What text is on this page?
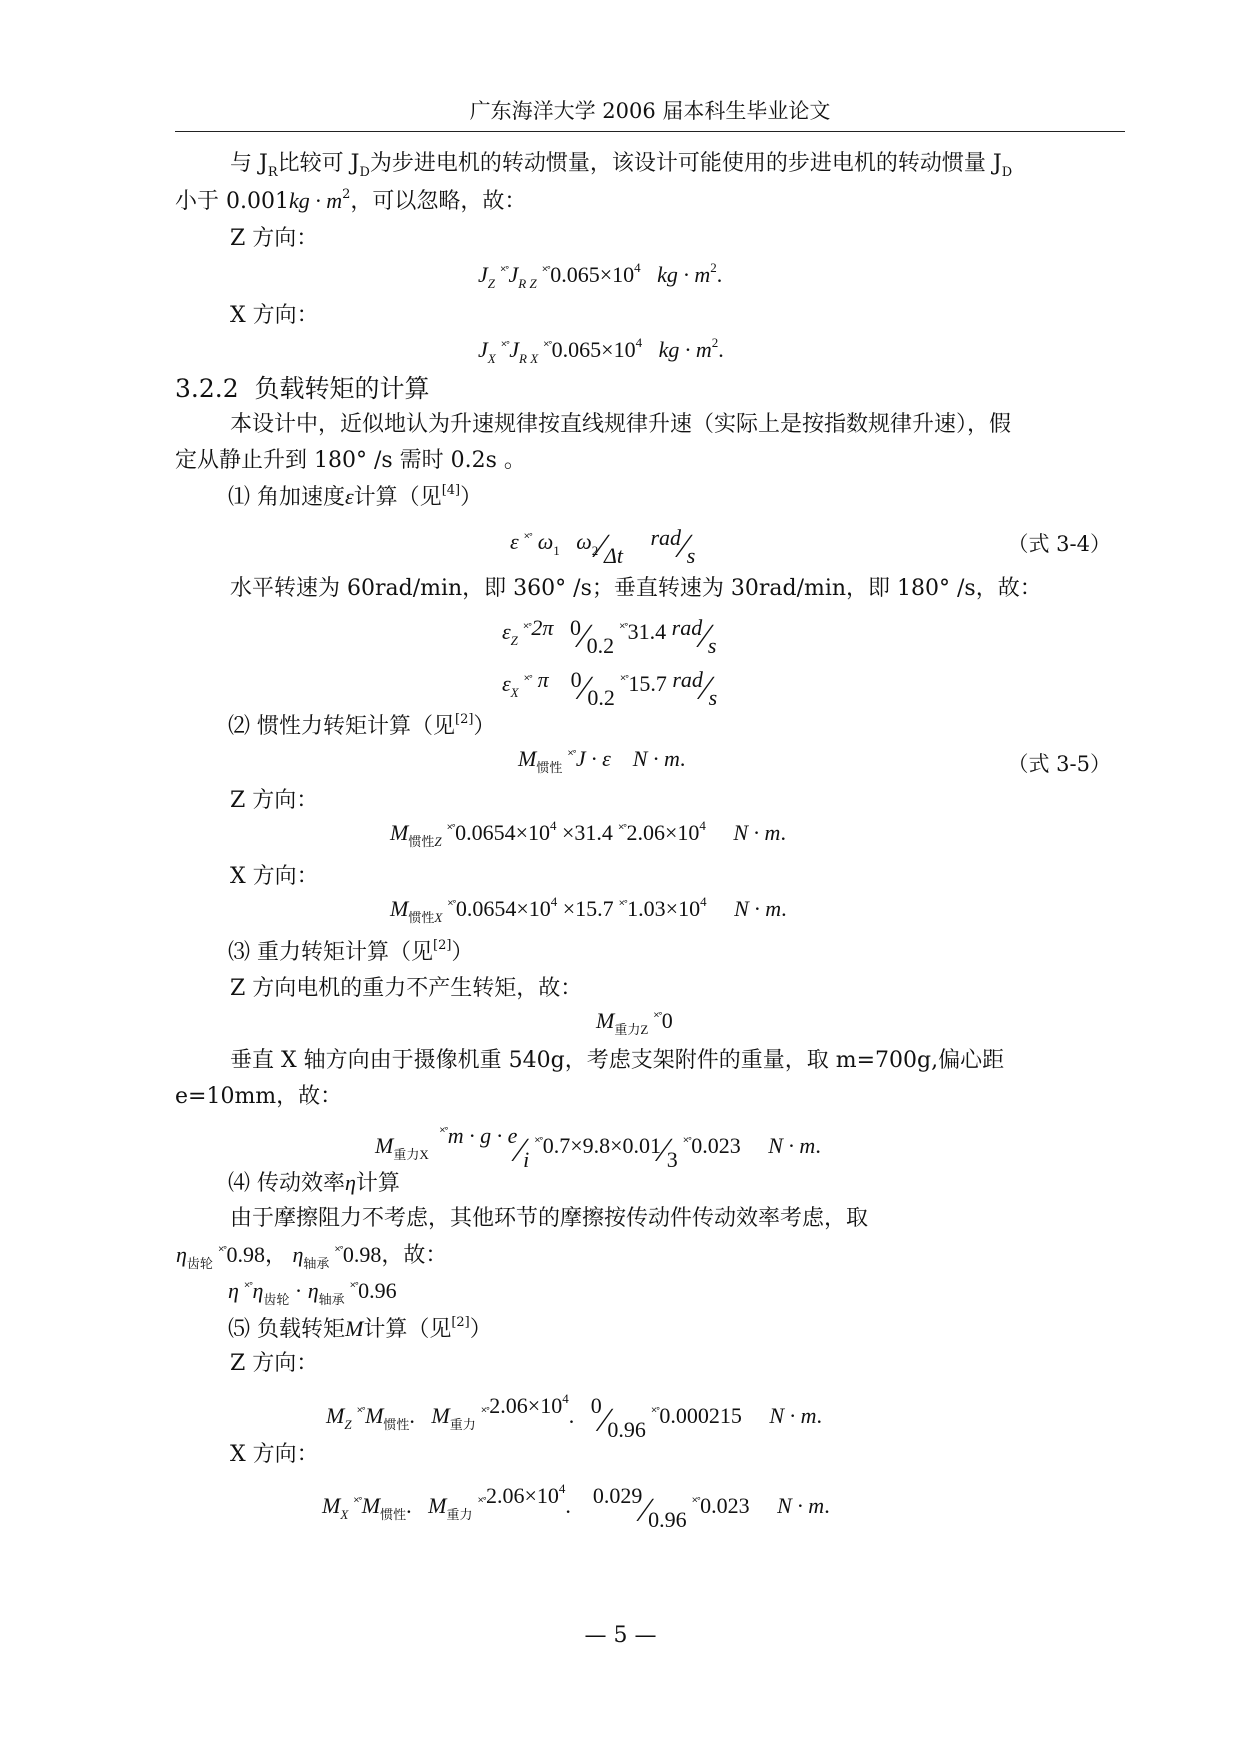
广东海洋大学 2006 届本科生毕业论文
与 $J_R$比较可 $J_D$为步进电机的转动惯量，该设计可能使用的步进电机的转动惯量 $J_D$
小于 $0.001kg \cdot m^2$，可以忽略，故：
Z 方向：
$J_Z$ $^{˟˚}J_{R Z}$ $^{˟˚}0.065\times 10^4$ kg · $m^2$.
X 方向：
$J_X$ $^{˟˚}J_{R X}$ $^{˟˚}0.065\times 10^4$ kg · $m^2$.
3.2.2 负载转矩的计算
本设计中，近似地认为升速规律按直线规律升速（实际上是按指数规律升速），假
定从静止升到 180° /s 需时 0.2s 。
⑴ 角加速度ε计算（见[4]）
ε ˟˚ $\omega_1$ $\omega_2∕\Delta t$     rad∕s	（式 3-4）
水平转速为 60rad/min，即 360° /s；垂直转速为 30rad/min，即 180° /s，故：
$\varepsilon_Z$ ˟˚2π 0∕0.2 ˟˚31.4 rad∕s
$\varepsilon_X$ ˟˚ π 0∕0.2 ˟˚15.7 rad∕s
⑵ 惯性力转矩计算（见[2]）
$M_{惯性}$ ˟˚J · ε N · m.	（式 3-5）
Z 方向：
$M_{惯性Z}$ $^{˟˚}0.0654\times 10^4 \times 31.4$ $^{˟˚}2.06\times 10^4$ N · m.
X 方向：
$M_{惯性X}$ $^{˟˚}0.0654\times 10^4 \times 15.7$ $^{˟˚}1.03\times 10^4$ N · m.
⑶ 重力转矩计算（见[2]）
Z 方向电机的重力不产生转矩，故：
$M_{重力Z}$ ˟˚0
垂直 X 轴方向由于摄像机重 540g，考虑支架附件的重量，取 m=700g,偏心距
e=10mm，故：
$M_{重力X}$  ˟˚m · g · e∕i ˟˚0.7×9.8×0.01∕3 ˟˚0.023 N · m.
⑷ 传动效率η计算
由于摩擦阻力不考虑，其他环节的摩擦按传动件传动效率考虑，取
$\eta_{齿轮}$ ˟˚0.98， $\eta_{轴承}$ ˟˚0.98，故：
η $^{˟˚}\eta_{齿轮} \cdot \eta_{轴承}$ ˟˚0.96
⑸ 负载转矩M计算（见[2]）
Z 方向：
$M_Z$ $^{˟˚}M_{惯性}$.   $M_{重力}$ $^{˟˚}2.06\times 10^4$.   0∕0.96 ˟˚0.000215 N · m.
X 方向：
$M_X$ $^{˟˚}M_{惯性}$.   $M_{重力}$ $^{˟˚}2.06\times 10^4$.    0.029∕0.96 ˟˚0.023 N · m.
— 5 —
